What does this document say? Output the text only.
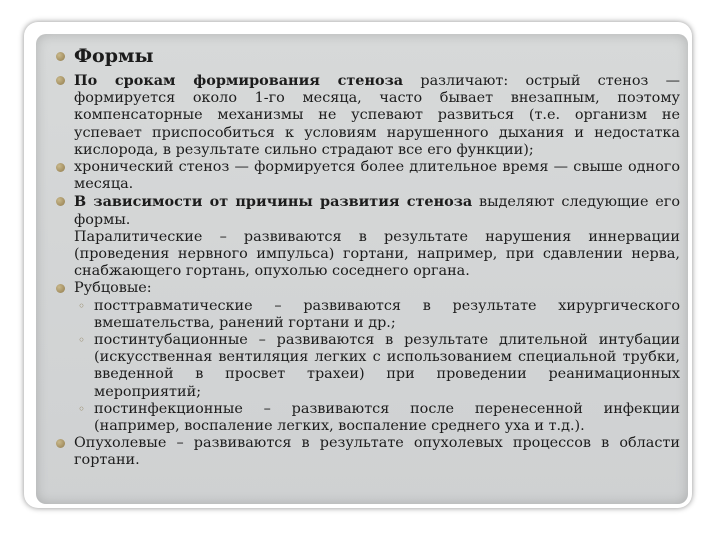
Формы
По срокам формирования стеноза различают: острый стеноз — формируется около 1-го месяца, часто бывает внезапным, поэтому компенсаторные механизмы не успевают развиться (т.е. организм не успевает приспособиться к условиям нарушенного дыхания и недостатка кислорода, в результате сильно страдают все его функции);
хронический стеноз — формируется более длительное время — свыше одного месяца.
В зависимости от причины развития стеноза выделяют следующие его формы.
Паралитические – развиваются в результате нарушения иннервации (проведения нервного импульса) гортани, например, при сдавлении нерва, снабжающего гортань, опухолью соседнего органа.
Рубцовые:
◦ посттравматические – развиваются в результате хирургического вмешательства, ранений гортани и др.;
◦ постинтубационные – развиваются в результате длительной интубации (искусственная вентиляция легких с использованием специальной трубки, введенной в просвет трахеи) при проведении реанимационных мероприятий;
◦ постинфекционные – развиваются после перенесенной инфекции (например, воспаление легких, воспаление среднего уха и т.д.).
Опухолевые – развиваются в результате опухолевых процессов в области гортани.
